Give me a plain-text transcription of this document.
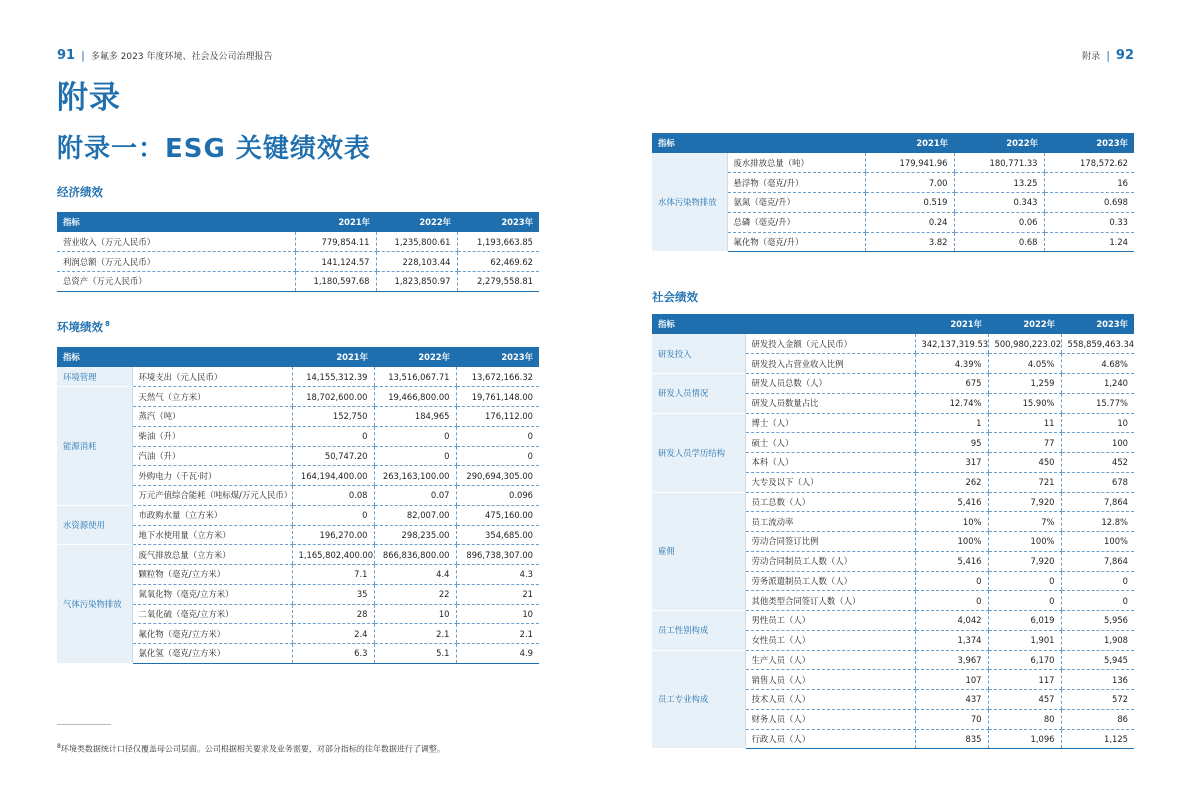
91 | 多氟多 2023 年度环境、社会及公司治理报告	附录 | 92
附录
附录一：ESG 关键绩效表
经济绩效
指标	2021年	2022年	2023年
营业收入（万元人民币）	779,854.11	1,235,800.61	1,193,663.85
利润总额（万元人民币）	141,124.57	228,103.44	62,469.62
总资产（万元人民币）	1,180,597.68	1,823,850.97	2,279,558.81
环境绩效 $^8$
指标		2021年	2022年	2023年
环境管理	环境支出（元人民币）	14,155,312.39	13,516,067.71	13,672,166.32
能源消耗	天然气（立方米）	18,702,600.00	19,466,800.00	19,761,148.00
	蒸汽（吨）	152,750	184,965	176,112.00
	柴油（升）	0	0	0
	汽油（升）	50,747.20	0	0
	外购电力（千瓦·时）	164,194,400.00	263,163,100.00	290,694,305.00
	万元产值综合能耗（吨标煤/万元人民币）	0.08	0.07	0.096
水资源使用	市政购水量（立方米）	0	82,007.00	475,160.00
	地下水使用量（立方米）	196,270.00	298,235.00	354,685.00
气体污染物排放	废气排放总量（立方米）	1,165,802,400.00	866,836,800.00	896,738,307.00
	颗粒物（毫克/立方米）	7.1	4.4	4.3
	氮氧化物（毫克/立方米）	35	22	21
	二氧化硫（毫克/立方米）	28	10	10
	氟化物（毫克/立方米）	2.4	2.1	2.1
	氯化氢（毫克/立方米）	6.3	5.1	4.9
指标		2021年	2022年	2023年
水体污染物排放	废水排放总量（吨）	179,941.96	180,771.33	178,572.62
	悬浮物（毫克/升）	7.00	13.25	16
	氨氮（毫克/升）	0.519	0.343	0.698
	总磷（毫克/升）	0.24	0.06	0.33
	氟化物（毫克/升）	3.82	0.68	1.24
社会绩效
指标		2021年	2022年	2023年
研发投入	研发投入金额（元人民币）	342,137,319.53	500,980,223.02	558,859,463.34
	研发投入占营业收入比例	4.39%	4.05%	4.68%
研发人员情况	研发人员总数（人）	675	1,259	1,240
	研发人员数量占比	12.74%	15.90%	15.77%
研发人员学历结构	博士（人）	1	11	10
	硕士（人）	95	77	100
	本科（人）	317	450	452
	大专及以下（人）	262	721	678
雇佣	员工总数（人）	5,416	7,920	7,864
	员工流动率	10%	7%	12.8%
	劳动合同签订比例	100%	100%	100%
	劳动合同制员工人数（人）	5,416	7,920	7,864
	劳务派遣制员工人数（人）	0	0	0
	其他类型合同签订人数（人）	0	0	0
员工性别构成	男性员工（人）	4,042	6,019	5,956
	女性员工（人）	1,374	1,901	1,908
员工专业构成	生产人员（人）	3,967	6,170	5,945
	销售人员（人）	107	117	136
	技术人员（人）	437	457	572
	财务人员（人）	70	80	86
	行政人员（人）	835	1,096	1,125
$^8$环境类数据统计口径仅覆盖母公司层面。公司根据相关要求及业务需要，对部分指标的往年数据进行了调整。
